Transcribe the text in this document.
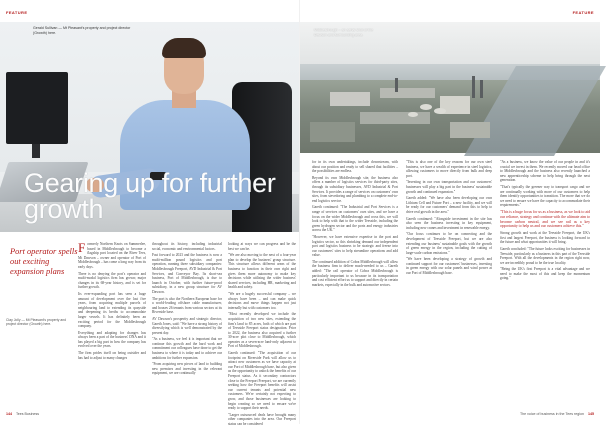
FEATURE
Gerald Sullivan — Mt Pleasant's property and project director (Growth) here.
Gearing up for further growth
Port operator spells out exciting expansion plans
Clay Jolly — Mt Pleasant's property and project director (Growth) here.

Formerly Northern Knots on Summerlee, based in Middlesbrough to become a flagship port located on the River Tees, Mt Dawson – owner and operator of Port of Middlesbrough – has come a long way from its early days.

There is no denying the port's operator and multi-modal logistics firm has grown; major changes in its 68-year history, and is set for further growth.

Its ever-expanding port has seen a huge amount of development over the last five years, from acquiring multiple parcels of neighbouring land to extending its quayside and deepening its berths to accommodate larger vessels. It has definitely been an exciting period for the Middlesbrough company.

Everything and adapting for changes has always been a part of the business' DNA and it has played a big part in how the company has evolved over the years.

The firm prides itself on being outsider and has had to adjust to many changes

throughout its history, including industrial social, economic and environmental factors.

Fast forward to 2023 and the business is now a multi-million pound logistics and port operation, running three subsidiary companies: Middlesbrough Freeport, AVD Industrial & Port Services, and Conveyor Bay. Its short-sea business, Port of Middlesbrough, is due to launch in October, with further future-proof subsidiary, in a new group structure for AV Dawson.

The port is also the Northern European base for a world-leading offshore cable manufacturer, and houses 26 tenants from various sectors at its Riverside base.

AV Dawson's prosperity and strategic director, Gareth Jones, said: "We have a strong history of diversifying which is well demonstrated by the present day.

"As a business, we feel it is important that we continue this growth and the hard work and commitment our colleagues have done to get the business to where it is today and to achieve our ambitions for further expansion.

"From acquiring new pieces of land to building new premises and investing in the relevant equipment, we are continually

looking at ways we can progress and be the best we can be.

"We are also moving to the next of a four-year plan to develop the business' group structure. This structure allows different areas of the business to function in their own right and gives them more autonomy to make key decisions while utilising the wider business' shared services, including HR, marketing and health and safety.

"We are a hugely successful company – we always have been – and can make quick decisions and move things happen not just internally but with customers too.

"Most recently developed we include the acquisition of two new sites, extending the firm's land to 85 acres, both of which are part of Teesside Freeport status designation. Prior to 2022, the business also acquired a further 30-acre plot close to Middlesbrough, which operates as a seven-acre land-only adjacent to Port of Middlesbrough.

Gareth continued: "The acquisition of our footprint on Riverside Park will allow us to attract new customers as we have capacity at our Port of Middlesbrough base, but also given us the opportunity to unlock the benefits of our Freeport status. As it secondary contractors close to the Freeport Freeport, we are currently seeking how the Freeport benefits will assist our current tenants and potential new customers. We're certainly not expecting to grow, and those businesses are looking to begin creating so we need to ensure we're ready to support their needs.

"Larger outsourced deals have brought many other companies into the area. Our Freeport status can be considered

144 Tees Business
FEATURE
Middlesbrough – an aerial shot of the Dawson and surrounding area.

for in its own undertakings, include downstream, with about our position and ready to sell shared that facilities – the possibilities are endless.

Beyond its own Middlesbrough site, the business also offers a number of logistics services for third-party sites, through its subsidiary businesses, AVD Industrial & Port Services. It provides a range of services on customers' own sites, from stevedoring and plumbing to a complete end-to-end logistics service.

Gareth continued: "The Industrial and Port Services is a range of services on customers' own sites, and we have a focus on the wider Middlesbrough and cross this, we will look to help with that to the wider Teesside, including the green hydrogen sector and the ports and energy industries across the UK."

"However, we have extensive expertise in the port and logistics sector, so this shrinking demand our independent port and logistics business to be strategic and freeze into our customers' sites to help streamline operations and add value.

The continued addition of Cobra Middlesbrough will allow the business firm to deliver much-needed to us – Gareth added: "The rail operator of Cobra Middlesbrough is particularly important to us because in its transportation and cost efficient effort us to support and directly in certain markets, especially in the bulk and automotive sectors.

"This is also one of the key reasons for our own steel business, we have a wealth of experience in steel logistics, allowing customers to move directly from bulk and deep port.

"Investing in our own transportation and our customers' businesses will play a big part in the business' sustainable growth and continued expansion."

Gareth added: "We have also been developing our own Lithium Cell and Future Port – a new facility, and we will be ready for our customers' demand from this to help to drive real growth in the area."

Gareth continued: "Alongside investment in the site has also seen the business investing in key equipment, including new cranes and investment in renewable energy.

"Our focus continues to be on connecting and the development of Teesside Freeport, but we are also extending our business' sustainable goals with the growth of green energy in the region, including the cutting of large-scale carbon emissions."

"We have been developing a strategy of growth and continued support for our customers' businesses, investing in green energy with our solar panels and wind power at our Port of Middlesbrough base.

"As a business, we know the value of our people in and it's crucial we invest in them. We recently moved our head office to Middlesbrough and the business also recently launched a new apprenticeship scheme to help bring through the next generation.

"That's typically the greener way to transport cargo and we are continually working with more of our customers to help them identify opportunities to transition. The more that we do we need to ensure we have the capacity to accommodate their requirements."

"This is a huge focus for us as a business, as we look to aid our reliance, strategy and continue with the ultimate aim to become carbon neutral, and we see rail as a key opportunity to help us and our customers achieve this."

Strong growth and work at the Teesside Freeport, the UK's first and largest Freeport, the business is looking forward to the future and what opportunities it will bring.

Gareth concluded: "The future looks exciting for businesses in Teesside, particularly as a business in this part of the Teesside Freeport. With all the developments in the region right now, we are incredibly proud to be the true locality.

"Being the UK's first Freeport is a vital advantage and we need to make the most of this and keep the momentum going."

The voice of business in the Tees region 145
